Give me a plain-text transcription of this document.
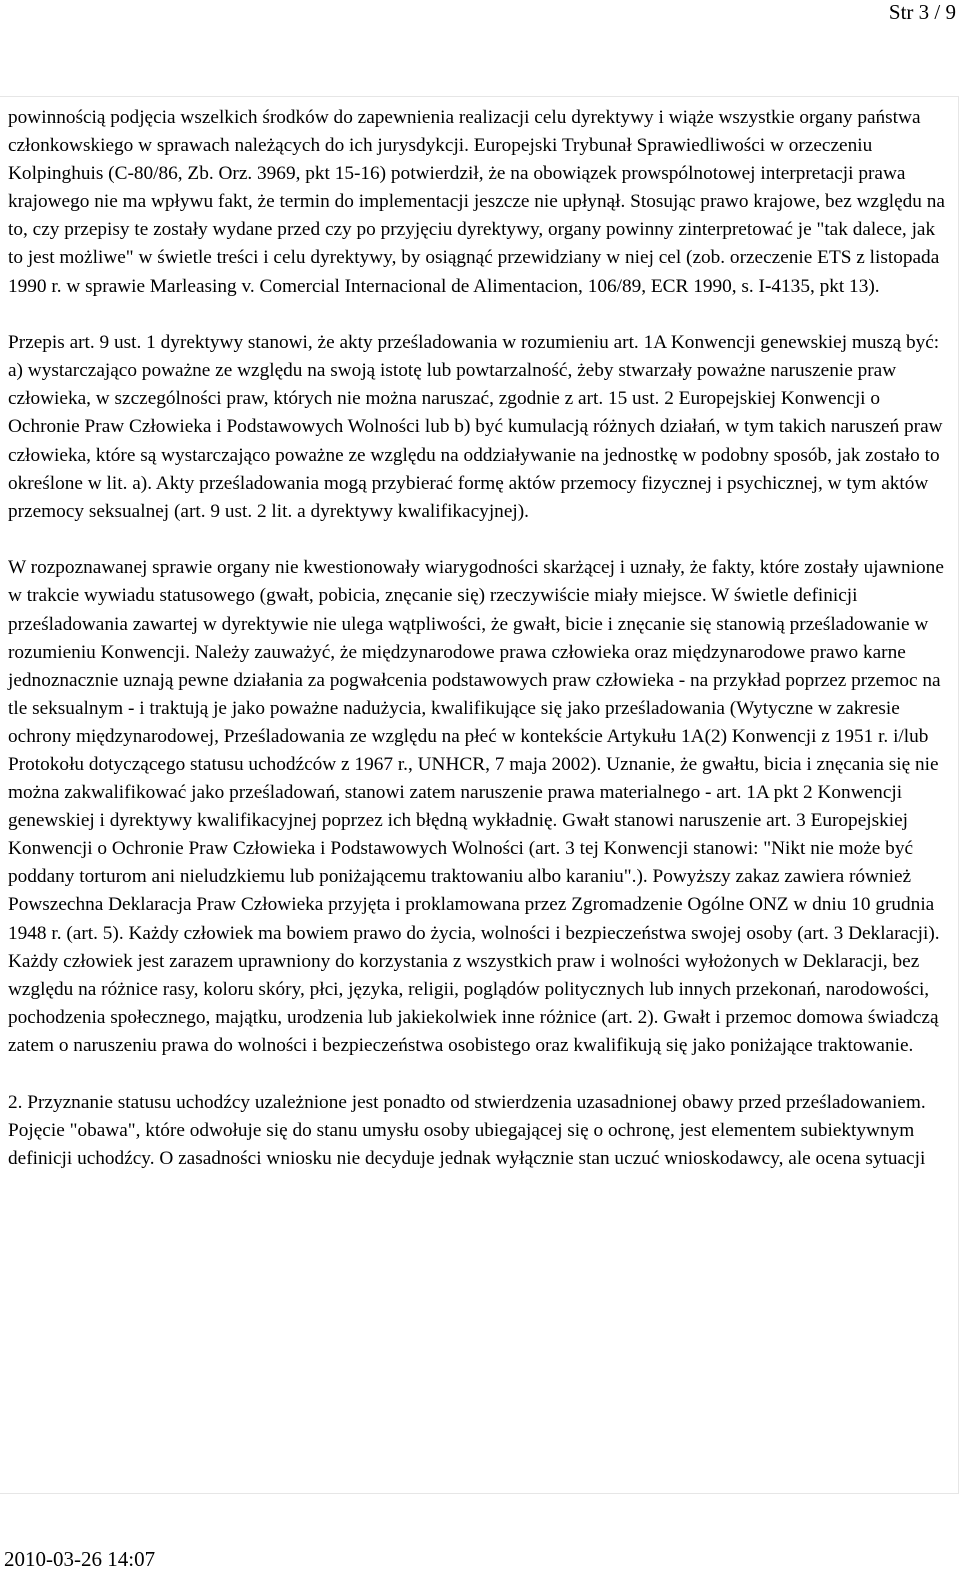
Str 3 / 9

powinnością podjęcia wszelkich środków do zapewnienia realizacji celu dyrektywy i wiąże wszystkie organy państwa członkowskiego w sprawach należących do ich jurysdykcji. Europejski Trybunał Sprawiedliwości w orzeczeniu Kolpinghuis (C-80/86, Zb. Orz. 3969, pkt 15-16) potwierdził, że na obowiązek prowspólnotowej interpretacji prawa krajowego nie ma wpływu fakt, że termin do implementacji jeszcze nie upłynął. Stosując prawo krajowe, bez względu na to, czy przepisy te zostały wydane przed czy po przyjęciu dyrektywy, organy powinny zinterpretować je "tak dalece, jak to jest możliwe" w świetle treści i celu dyrektywy, by osiągnąć przewidziany w niej cel (zob. orzeczenie ETS z listopada 1990 r. w sprawie Marleasing v. Comercial Internacional de Alimentacion, 106/89, ECR 1990, s. I-4135, pkt 13).

Przepis art. 9 ust. 1 dyrektywy stanowi, że akty prześladowania w rozumieniu art. 1A Konwencji genewskiej muszą być: a) wystarczająco poważne ze względu na swoją istotę lub powtarzalność, żeby stwarzały poważne naruszenie praw człowieka, w szczególności praw, których nie można naruszać, zgodnie z art. 15 ust. 2 Europejskiej Konwencji o Ochronie Praw Człowieka i Podstawowych Wolności lub b) być kumulacją różnych działań, w tym takich naruszeń praw człowieka, które są wystarczająco poważne ze względu na oddziaływanie na jednostkę w podobny sposób, jak zostało to określone w lit. a). Akty prześladowania mogą przybierać formę aktów przemocy fizycznej i psychicznej, w tym aktów przemocy seksualnej (art. 9 ust. 2 lit. a dyrektywy kwalifikacyjnej).

W rozpoznawanej sprawie organy nie kwestionowały wiarygodności skarżącej i uznały, że fakty, które zostały ujawnione w trakcie wywiadu statusowego (gwałt, pobicia, znęcanie się) rzeczywiście miały miejsce. W świetle definicji prześladowania zawartej w dyrektywie nie ulega wątpliwości, że gwałt, bicie i znęcanie się stanowią prześladowanie w rozumieniu Konwencji. Należy zauważyć, że międzynarodowe prawa człowieka oraz międzynarodowe prawo karne jednoznacznie uznają pewne działania za pogwałcenia podstawowych praw człowieka - na przykład poprzez przemoc na tle seksualnym - i traktują je jako poważne nadużycia, kwalifikujące się jako prześladowania (Wytyczne w zakresie ochrony międzynarodowej, Prześladowania ze względu na płeć w kontekście Artykułu 1A(2) Konwencji z 1951 r. i/lub Protokołu dotyczącego statusu uchodźców z 1967 r., UNHCR, 7 maja 2002). Uznanie, że gwałtu, bicia i znęcania się nie można zakwalifikować jako prześladowań, stanowi zatem naruszenie prawa materialnego - art. 1A pkt 2 Konwencji genewskiej i dyrektywy kwalifikacyjnej poprzez ich błędną wykładnię. Gwałt stanowi naruszenie art. 3 Europejskiej Konwencji o Ochronie Praw Człowieka i Podstawowych Wolności (art. 3 tej Konwencji stanowi: "Nikt nie może być poddany torturom ani nieludzkiemu lub poniżającemu traktowaniu albo karaniu".). Powyższy zakaz zawiera również Powszechna Deklaracja Praw Człowieka przyjęta i proklamowana przez Zgromadzenie Ogólne ONZ w dniu 10 grudnia 1948 r. (art. 5). Każdy człowiek ma bowiem prawo do życia, wolności i bezpieczeństwa swojej osoby (art. 3 Deklaracji). Każdy człowiek jest zarazem uprawniony do korzystania z wszystkich praw i wolności wyłożonych w Deklaracji, bez względu na różnice rasy, koloru skóry, płci, języka, religii, poglądów politycznych lub innych przekonań, narodowości, pochodzenia społecznego, majątku, urodzenia lub jakiekolwiek inne różnice (art. 2). Gwałt i przemoc domowa świadczą zatem o naruszeniu prawa do wolności i bezpieczeństwa osobistego oraz kwalifikują się jako poniżające traktowanie.

2. Przyznanie statusu uchodźcy uzależnione jest ponadto od stwierdzenia uzasadnionej obawy przed prześladowaniem. Pojęcie "obawa", które odwołuje się do stanu umysłu osoby ubiegającej się o ochronę, jest elementem subiektywnym definicji uchodźcy. O zasadności wniosku nie decyduje jednak wyłącznie stan uczuć wnioskodawcy, ale ocena sytuacji

2010-03-26 14:07
